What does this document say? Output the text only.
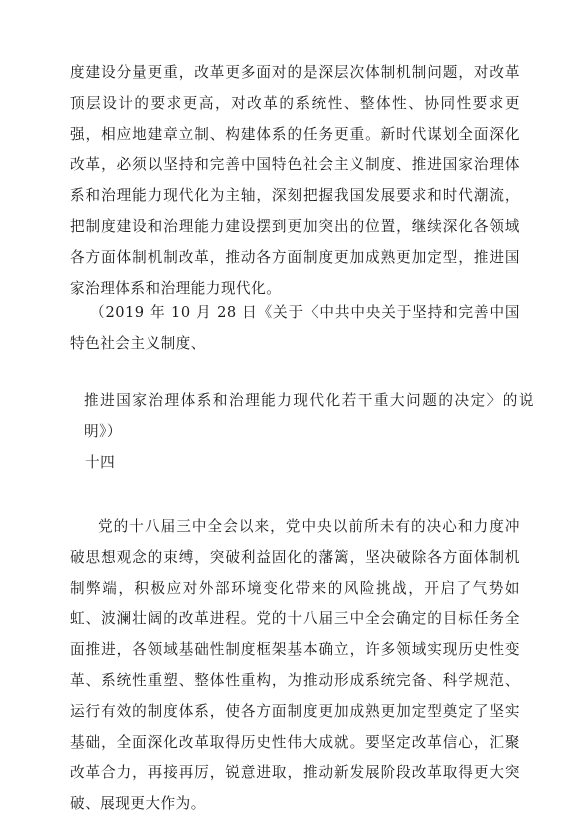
度建设分量更重，改革更多面对的是深层次体制机制问题，对改革顶层设计的要求更高，对改革的系统性、整体性、协同性要求更强，相应地建章立制、构建体系的任务更重。新时代谋划全面深化改革，必须以坚持和完善中国特色社会主义制度、推进国家治理体系和治理能力现代化为主轴，深刻把握我国发展要求和时代潮流，把制度建设和治理能力建设摆到更加突出的位置，继续深化各领域各方面体制机制改革，推动各方面制度更加成熟更加定型，推进国家治理体系和治理能力现代化。

（2019 年 10 月 28 日《关于〈中共中央关于坚持和完善中国特色社会主义制度、

推进国家治理体系和治理能力现代化若干重大问题的决定〉的说明》）

十四

党的十八届三中全会以来，党中央以前所未有的决心和力度冲破思想观念的束缚，突破利益固化的藩篱，坚决破除各方面体制机制弊端，积极应对外部环境变化带来的风险挑战，开启了气势如虹、波澜壮阔的改革进程。党的十八届三中全会确定的目标任务全面推进，各领域基础性制度框架基本确立，许多领域实现历史性变革、系统性重塑、整体性重构，为推动形成系统完备、科学规范、运行有效的制度体系，使各方面制度更加成熟更加定型奠定了坚实基础，全面深化改革取得历史性伟大成就。要坚定改革信心，汇聚改革合力，再接再厉，锐意进取，推动新发展阶段改革取得更大突破、展现更大作为。
